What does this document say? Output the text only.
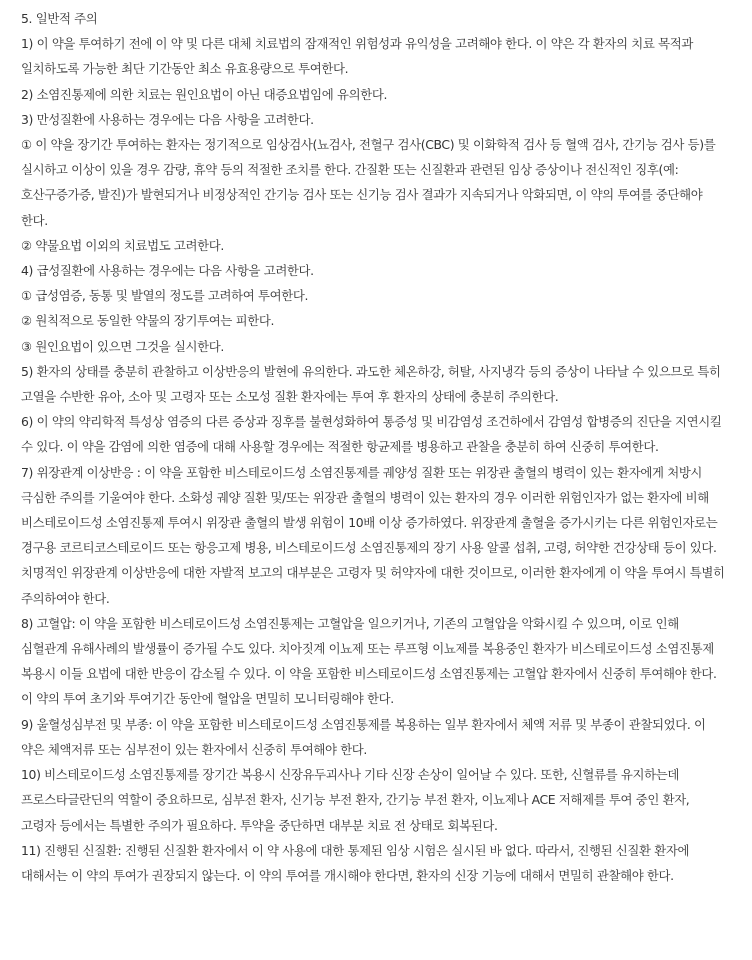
5. 일반적 주의

1) 이 약을 투여하기 전에 이 약 및 다른 대체 치료법의 잠재적인 위험성과 유익성을 고려해야 한다. 이 약은 각 환자의 치료 목적과 일치하도록 가능한 최단 기간동안 최소 유효용량으로 투여한다.

2) 소염진통제에 의한 치료는 원인요법이 아닌 대증요법임에 유의한다.

3) 만성질환에 사용하는 경우에는 다음 사항을 고려한다.

① 이 약을 장기간 투여하는 환자는 정기적으로 임상검사(뇨검사, 전혈구 검사(CBC) 및 이화학적 검사 등 혈액 검사, 간기능 검사 등)를 실시하고 이상이 있을 경우 감량, 휴약 등의 적절한 조치를 한다. 간질환 또는 신질환과 관련된 임상 증상이나 전신적인 징후(예: 호산구증가증, 발진)가 발현되거나 비정상적인 간기능 검사 또는 신기능 검사 결과가 지속되거나 악화되면, 이 약의 투여를 중단해야 한다.

② 약물요법 이외의 치료법도 고려한다.

4) 급성질환에 사용하는 경우에는 다음 사항을 고려한다.

① 급성염증, 동통 및 발열의 정도를 고려하여 투여한다.

② 원칙적으로 동일한 약물의 장기투여는 피한다.

③ 원인요법이 있으면 그것을 실시한다.

5) 환자의 상태를 충분히 관찰하고 이상반응의 발현에 유의한다. 과도한 체온하강, 허탈, 사지냉각 등의 증상이 나타날 수 있으므로 특히 고열을 수반한 유아, 소아 및 고령자 또는 소모성 질환 환자에는 투여 후 환자의 상태에 충분히 주의한다.

6) 이 약의 약리학적 특성상 염증의 다른 증상과 징후를 불현성화하여 통증성 및 비감염성 조건하에서 감염성 합병증의 진단을 지연시킬 수 있다. 이 약을 감염에 의한 염증에 대해 사용할 경우에는 적절한 항균제를 병용하고 관찰을 충분히 하여 신중히 투여한다.

7) 위장관계 이상반응 : 이 약을 포함한 비스테로이드성 소염진통제를 궤양성 질환 또는 위장관 출혈의 병력이 있는 환자에게 처방시 극심한 주의를 기울여야 한다. 소화성 궤양 질환 및/또는 위장관 출혈의 병력이 있는 환자의 경우 이러한 위험인자가 없는 환자에 비해 비스테로이드성 소염진통제 투여시 위장관 출혈의 발생 위험이 10배 이상 증가하였다. 위장관계 출혈을 증가시키는 다른 위험인자로는 경구용 코르티코스테로이드 또는 항응고제 병용, 비스테로이드성 소염진통제의 장기 사용 알콜 섭취, 고령, 허약한 건강상태 등이 있다. 치명적인 위장관계 이상반응에 대한 자발적 보고의 대부분은 고령자 및 허약자에 대한 것이므로, 이러한 환자에게 이 약을 투여시 특별히 주의하여야 한다.

8) 고혈압: 이 약을 포함한 비스테로이드성 소염진통제는 고혈압을 일으키거나, 기존의 고혈압을 악화시킬 수 있으며, 이로 인해 심혈관계 유해사례의 발생률이 증가될 수도 있다. 치아짓계 이뇨제 또는 루프형 이뇨제를 복용중인 환자가 비스테로이드성 소염진통제 복용시 이들 요법에 대한 반응이 감소될 수 있다. 이 약을 포함한 비스테로이드성 소염진통제는 고혈압 환자에서 신중히 투여해야 한다. 이 약의 투여 초기와 투여기간 동안에 혈압을 면밀히 모니터링해야 한다.

9) 울혈성심부전 및 부종: 이 약을 포함한 비스테로이드성 소염진통제를 복용하는 일부 환자에서 체액 저류 및 부종이 관찰되었다. 이 약은 체액저류 또는 심부전이 있는 환자에서 신중히 투여해야 한다.

10) 비스테로이드성 소염진통제를 장기간 복용시 신장유두괴사나 기타 신장 손상이 일어날 수 있다. 또한, 신혈류를 유지하는데 프로스타글란딘의 역할이 중요하므로, 심부전 환자, 신기능 부전 환자, 간기능 부전 환자, 이뇨제나 ACE 저해제를 투여 중인 환자, 고령자 등에서는 특별한 주의가 필요하다. 투약을 중단하면 대부분 치료 전 상태로 회복된다.

11) 진행된 신질환: 진행된 신질환 환자에서 이 약 사용에 대한 통제된 임상 시험은 실시된 바 없다. 따라서, 진행된 신질환 환자에 대해서는 이 약의 투여가 권장되지 않는다. 이 약의 투여를 개시해야 한다면, 환자의 신장 기능에 대해서 면밀히 관찰해야 한다.
